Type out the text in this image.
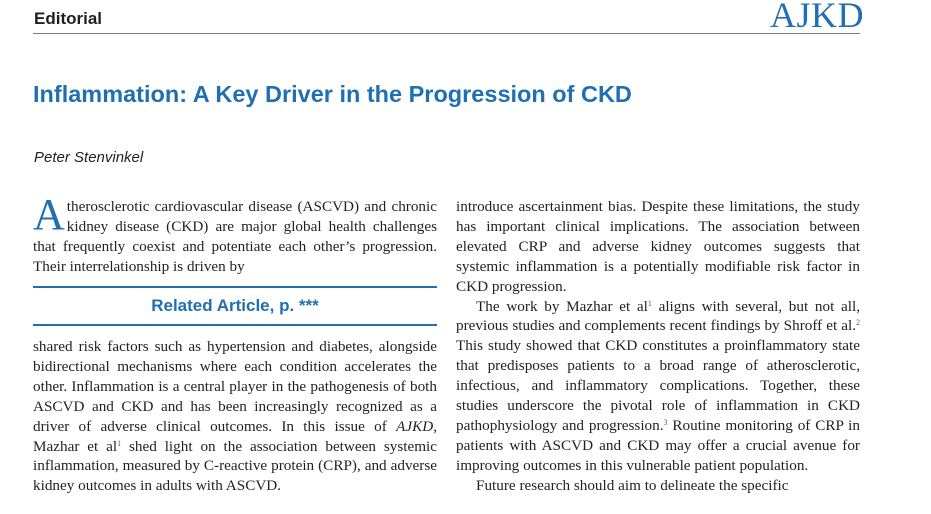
Editorial	AJKD
Inflammation: A Key Driver in the Progression of CKD
Peter Stenvinkel

Atherosclerotic cardiovascular disease (ASCVD) and chronic kidney disease (CKD) are major global health challenges that frequently coexist and potentiate each other’s progression. Their interrelationship is driven by

Related Article, p. ***

shared risk factors such as hypertension and diabetes, alongside bidirectional mechanisms where each condition accelerates the other. Inflammation is a central player in the pathogenesis of both ASCVD and CKD and has been increasingly recognized as a driver of adverse clinical outcomes. In this issue of AJKD, Mazhar et $al^1$ shed light on the association between systemic inflammation, measured by C-reactive protein (CRP), and adverse kidney outcomes in adults with ASCVD.

introduce ascertainment bias. Despite these limitations, the study has important clinical implications. The association between elevated CRP and adverse kidney outcomes suggests that systemic inflammation is a potentially modifiable risk factor in CKD progression.

The work by Mazhar et $al^1$ aligns with several, but not all, previous studies and complements recent findings by Shroff et al.$^2$ This study showed that CKD constitutes a proinflammatory state that predisposes patients to a broad range of atherosclerotic, infectious, and inflammatory complications. Together, these studies underscore the pivotal role of inflammation in CKD pathophysiology and progression.$^3$ Routine monitoring of CRP in patients with ASCVD and CKD may offer a crucial avenue for improving outcomes in this vulnerable patient population.

Future research should aim to delineate the specific
